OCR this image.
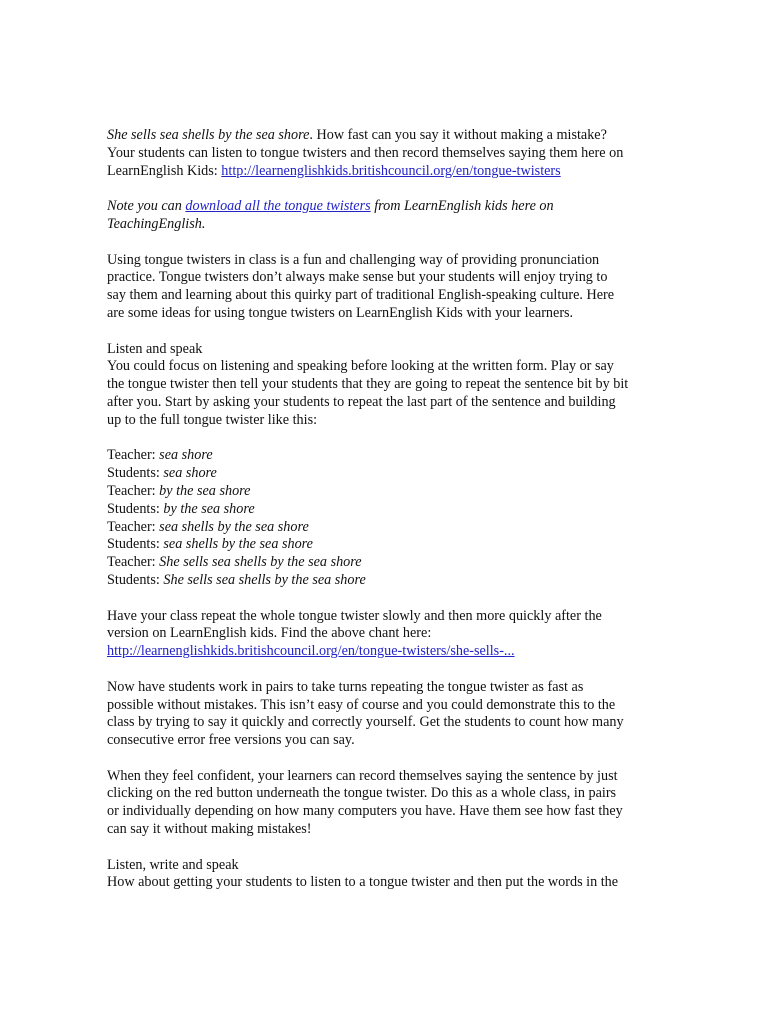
She sells sea shells by the sea shore. How fast can you say it without making a mistake?
Your students can listen to tongue twisters and then record themselves saying them here on
LearnEnglish Kids: http://learnenglishkids.britishcouncil.org/en/tongue-twisters
Note you can download all the tongue twisters from LearnEnglish kids here on
TeachingEnglish.
Using tongue twisters in class is a fun and challenging way of providing pronunciation
practice. Tongue twisters don’t always make sense but your students will enjoy trying to
say them and learning about this quirky part of traditional English-speaking culture. Here
are some ideas for using tongue twisters on LearnEnglish Kids with your learners.
Listen and speak
You could focus on listening and speaking before looking at the written form. Play or say
the tongue twister then tell your students that they are going to repeat the sentence bit by bit
after you. Start by asking your students to repeat the last part of the sentence and building
up to the full tongue twister like this:
Teacher: sea shore
Students: sea shore
Teacher: by the sea shore
Students: by the sea shore
Teacher: sea shells by the sea shore
Students: sea shells by the sea shore
Teacher: She sells sea shells by the sea shore
Students: She sells sea shells by the sea shore
Have your class repeat the whole tongue twister slowly and then more quickly after the
version on LearnEnglish kids. Find the above chant here:
http://learnenglishkids.britishcouncil.org/en/tongue-twisters/she-sells-...
Now have students work in pairs to take turns repeating the tongue twister as fast as
possible without mistakes. This isn’t easy of course and you could demonstrate this to the
class by trying to say it quickly and correctly yourself. Get the students to count how many
consecutive error free versions you can say.
When they feel confident, your learners can record themselves saying the sentence by just
clicking on the red button underneath the tongue twister. Do this as a whole class, in pairs
or individually depending on how many computers you have. Have them see how fast they
can say it without making mistakes!
Listen, write and speak
How about getting your students to listen to a tongue twister and then put the words in the
